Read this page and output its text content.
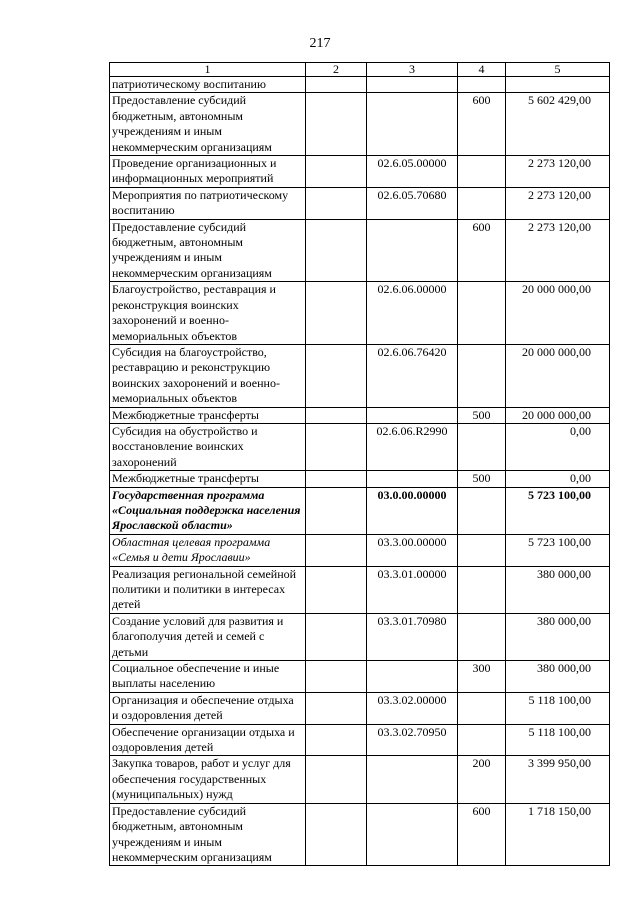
217
1	2	3	4	5
патриотическому воспитанию				
Предоставление субсидий бюджетным, автономным учреждениям и иным некоммерческим организациям			600	5 602 429,00
Проведение организационных и информационных мероприятий		02.6.05.00000		2 273 120,00
Мероприятия по патриотическому воспитанию		02.6.05.70680		2 273 120,00
Предоставление субсидий бюджетным, автономным учреждениям и иным некоммерческим организациям			600	2 273 120,00
Благоустройство, реставрация и реконструкция воинских захоронений и военно-мемориальных объектов		02.6.06.00000		20 000 000,00
Субсидия на благоустройство, реставрацию и реконструкцию воинских захоронений и военно-мемориальных объектов		02.6.06.76420		20 000 000,00
Межбюджетные трансферты			500	20 000 000,00
Субсидия на обустройство и восстановление воинских захоронений		02.6.06.R2990		0,00
Межбюджетные трансферты			500	0,00
Государственная программа «Социальная поддержка населения Ярославской области»		03.0.00.00000		5 723 100,00
Областная целевая программа «Семья и дети Ярославии»		03.3.00.00000		5 723 100,00
Реализация региональной семейной политики и политики в интересах детей		03.3.01.00000		380 000,00
Создание условий для развития и благополучия детей и семей с детьми		03.3.01.70980		380 000,00
Социальное обеспечение и иные выплаты населению			300	380 000,00
Организация и обеспечение отдыха и оздоровления детей		03.3.02.00000		5 118 100,00
Обеспечение организации отдыха и оздоровления детей		03.3.02.70950		5 118 100,00
Закупка товаров, работ и услуг для обеспечения государственных (муниципальных) нужд			200	3 399 950,00
Предоставление субсидий бюджетным, автономным учреждениям и иным некоммерческим организациям			600	1 718 150,00
